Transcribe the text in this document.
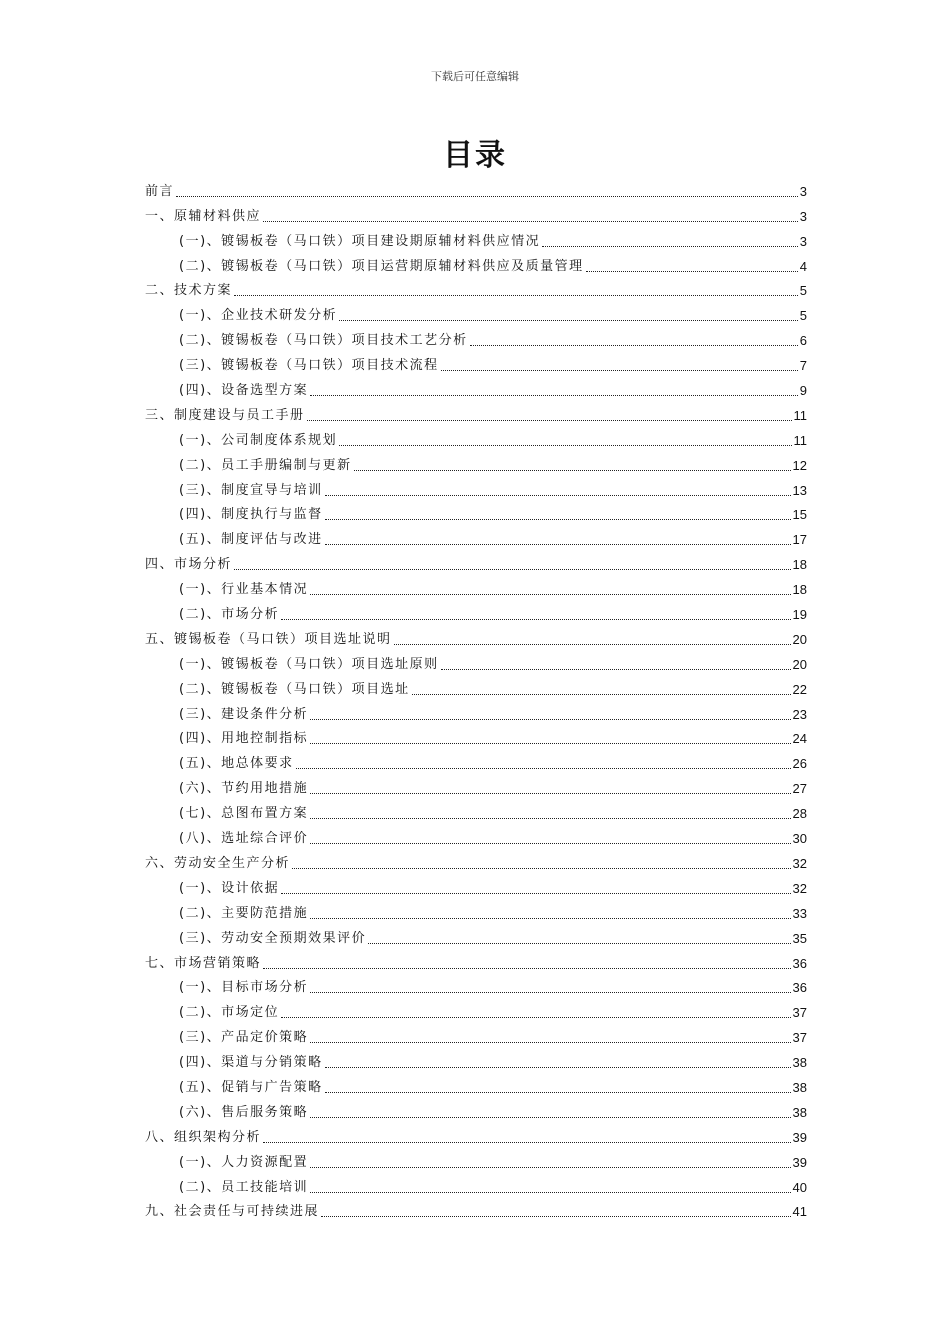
下载后可任意编辑
目录
前言	3
一、原辅材料供应	3
(一)、镀锡板卷（马口铁）项目建设期原辅材料供应情况	3
(二)、镀锡板卷（马口铁）项目运营期原辅材料供应及质量管理	4
二、技术方案	5
(一)、企业技术研发分析	5
(二)、镀锡板卷（马口铁）项目技术工艺分析	6
(三)、镀锡板卷（马口铁）项目技术流程	7
(四)、设备选型方案	9
三、制度建设与员工手册	11
(一)、公司制度体系规划	11
(二)、员工手册编制与更新	12
(三)、制度宣导与培训	13
(四)、制度执行与监督	15
(五)、制度评估与改进	17
四、市场分析	18
(一)、行业基本情况	18
(二)、市场分析	19
五、镀锡板卷（马口铁）项目选址说明	20
(一)、镀锡板卷（马口铁）项目选址原则	20
(二)、镀锡板卷（马口铁）项目选址	22
(三)、建设条件分析	23
(四)、用地控制指标	24
(五)、地总体要求	26
(六)、节约用地措施	27
(七)、总图布置方案	28
(八)、选址综合评价	30
六、劳动安全生产分析	32
(一)、设计依据	32
(二)、主要防范措施	33
(三)、劳动安全预期效果评价	35
七、市场营销策略	36
(一)、目标市场分析	36
(二)、市场定位	37
(三)、产品定价策略	37
(四)、渠道与分销策略	38
(五)、促销与广告策略	38
(六)、售后服务策略	38
八、组织架构分析	39
(一)、人力资源配置	39
(二)、员工技能培训	40
九、社会责任与可持续进展	41
